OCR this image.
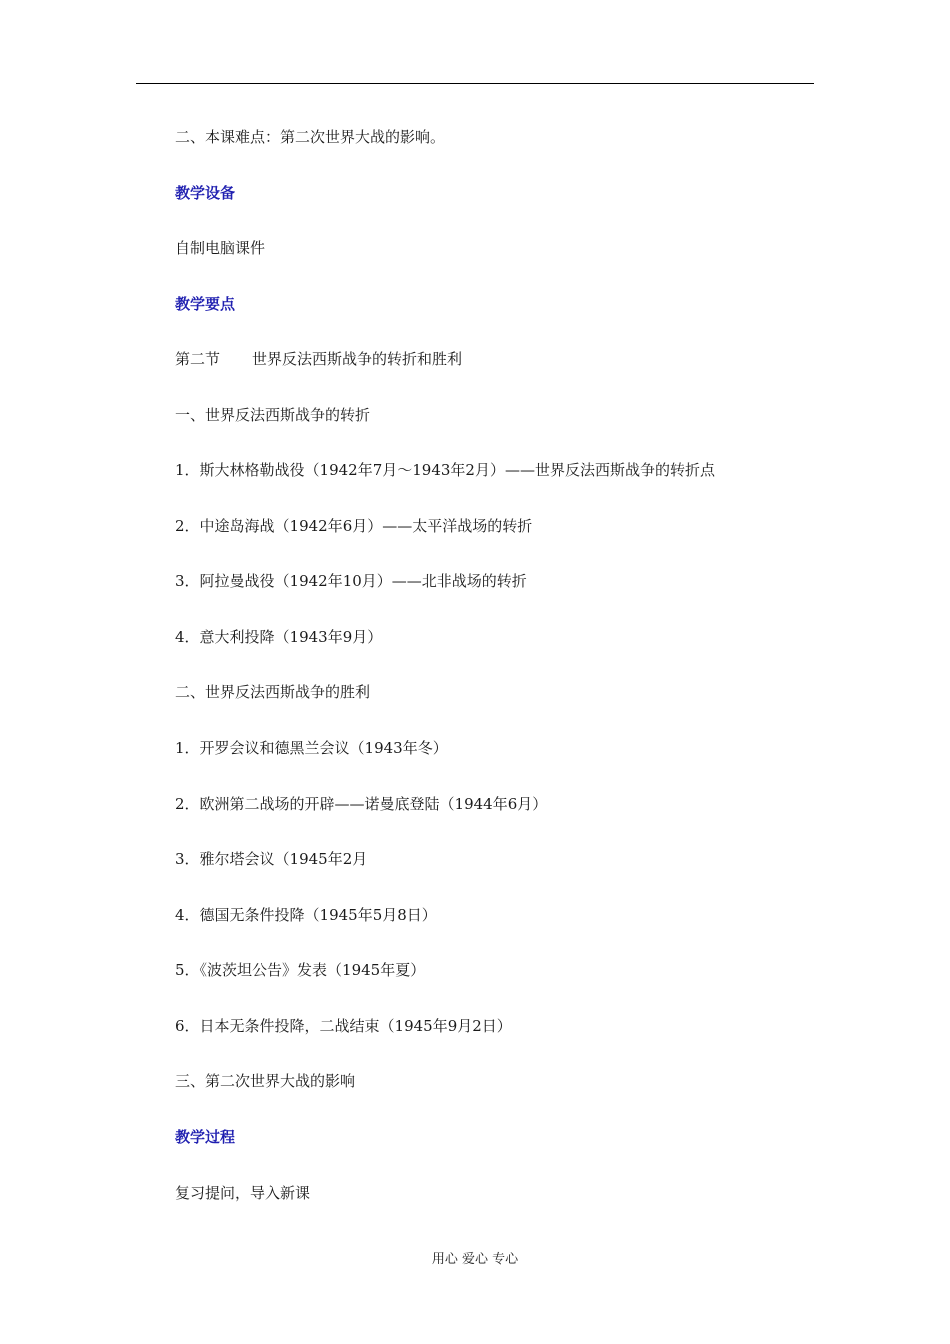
二、本课难点：第二次世界大战的影响。
教学设备
自制电脑课件
教学要点
第二节 世界反法西斯战争的转折和胜利
一、世界反法西斯战争的转折
1．斯大林格勒战役（1942年7月～1943年2月）——世界反法西斯战争的转折点
2．中途岛海战（1942年6月）——太平洋战场的转折
3．阿拉曼战役（1942年10月）——北非战场的转折
4．意大利投降（1943年9月）
二、世界反法西斯战争的胜利
1．开罗会议和德黑兰会议（1943年冬）
2．欧洲第二战场的开辟——诺曼底登陆（1944年6月）
3．雅尔塔会议（1945年2月
4．德国无条件投降（1945年5月8日）
5．《波茨坦公告》发表（1945年夏）
6．日本无条件投降，二战结束（1945年9月2日）
三、第二次世界大战的影响
教学过程
复习提问，导入新课
用心 爱心 专心
